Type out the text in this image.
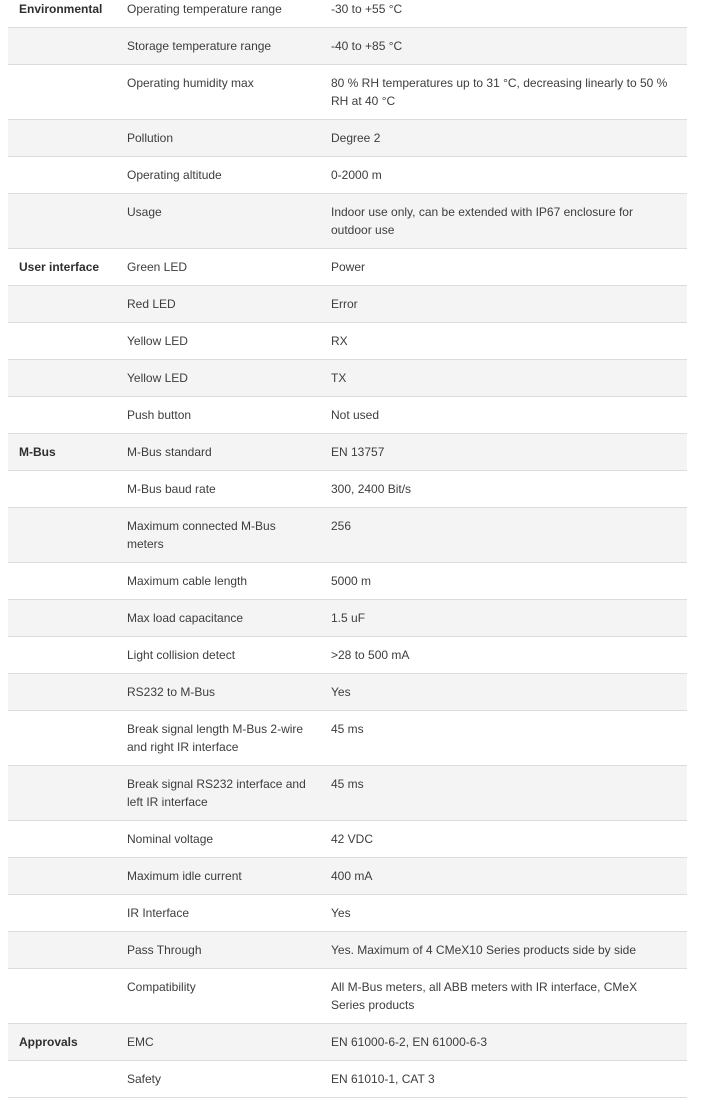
Environmental	Operating temperature range	-30 to +55 °C
	Storage temperature range	-40 to +85 °C
	Operating humidity max	80 % RH temperatures up to 31 °C, decreasing linearly to 50 % RH at 40 °C
	Pollution	Degree 2
	Operating altitude	0-2000 m
	Usage	Indoor use only, can be extended with IP67 enclosure for outdoor use
User interface	Green LED	Power
	Red LED	Error
	Yellow LED	RX
	Yellow LED	TX
	Push button	Not used
M-Bus	M-Bus standard	EN 13757
	M-Bus baud rate	300, 2400 Bit/s
	Maximum connected M-Bus meters	256
	Maximum cable length	5000 m
	Max load capacitance	1.5 uF
	Light collision detect	>28 to 500 mA
	RS232 to M-Bus	Yes
	Break signal length M-Bus 2-wire and right IR interface	45 ms
	Break signal RS232 interface and left IR interface	45 ms
	Nominal voltage	42 VDC
	Maximum idle current	400 mA
	IR Interface	Yes
	Pass Through	Yes. Maximum of 4 CMeX10 Series products side by side
	Compatibility	All M-Bus meters, all ABB meters with IR interface, CMeX Series products
Approvals	EMC	EN 61000-6-2, EN 61000-6-3
	Safety	EN 61010-1, CAT 3
